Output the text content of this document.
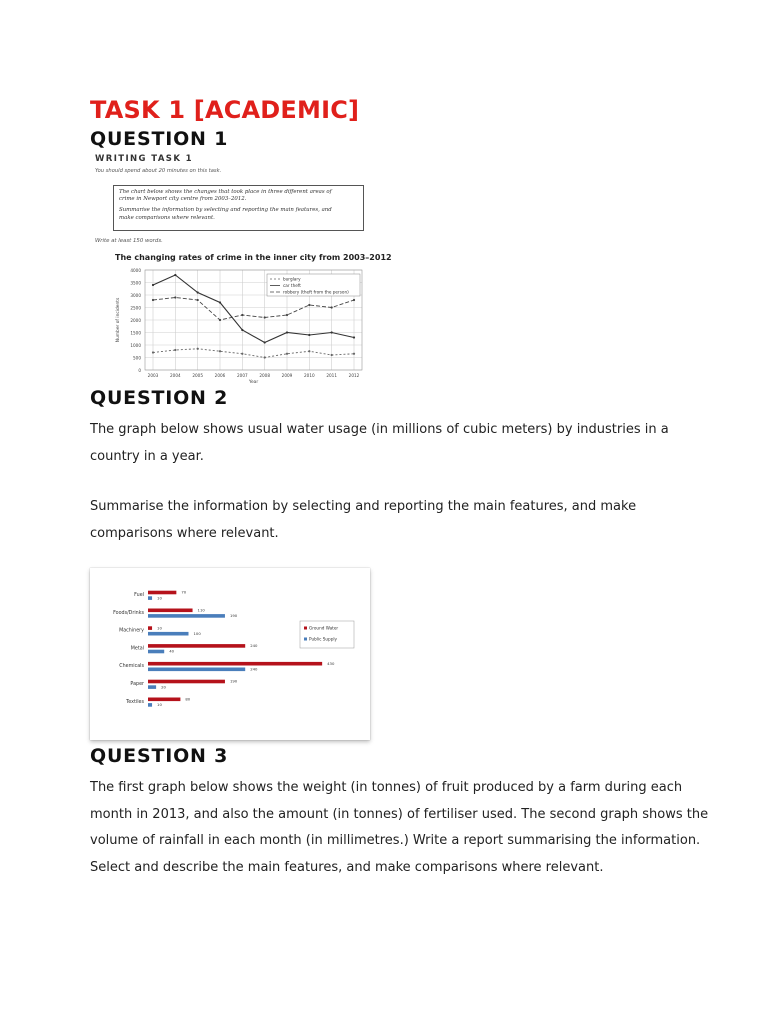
TASK 1 [ACADEMIC]
QUESTION 1
WRITING TASK 1
You should spend about 20 minutes on this task.
The chart below shows the changes that took place in three different areas of
crime in Newport city centre from 2003–2012.
Summarise the information by selecting and reporting the main features, and
make comparisons where relevant.
Write at least 150 words.
The changing rates of crime in the inner city from 2003–2012
0
500
1000
1500
2000
2500
3000
3500
4000
2003	2004	2005	2006	2007	2008	2009	2010	2011	2012
Year
Number of incidents
burglary
car theft
robbery (theft from the person)
QUESTION 2
The graph below shows usual water usage (in millions of cubic meters) by industries in a
country in a year.
Summarise the information by selecting and reporting the main features, and make
comparisons where relevant.
Fuel
70
10
Foods/Drinks
110
190
Machinery
10
100
Metal
240
40
Chemicals
430
240
Paper
190
20
Textiles
80
10
Ground Water
Public Supply
QUESTION 3
The first graph below shows the weight (in tonnes) of fruit produced by a farm during each
month in 2013, and also the amount (in tonnes) of fertiliser used. The second graph shows the
volume of rainfall in each month (in millimetres.) Write a report summarising the information.
Select and describe the main features, and make comparisons where relevant.
